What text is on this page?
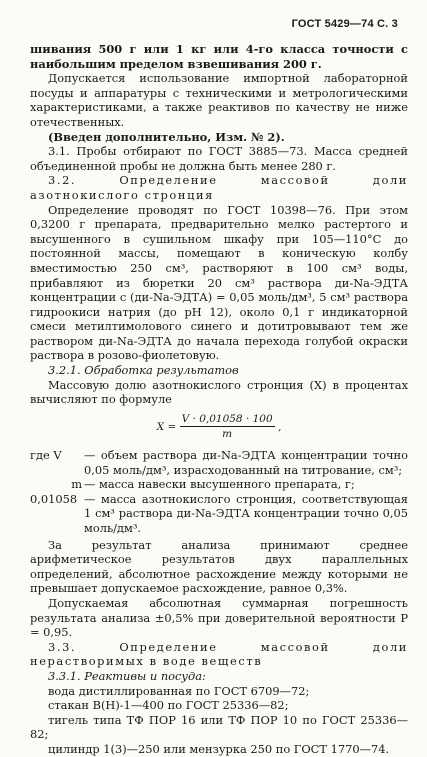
ГОСТ 5429—74 С. 3

шивания 500 г или 1 кг или 4-го класса точности с наибольшим пределом взвешивания 200 г.

Допускается использование импортной лабораторной посуды и аппаратуры с техническими и метрологическими характеристиками, а также реактивов по качеству не ниже отечественных.

(Введен дополнительно, Изм. № 2).

3.1. Пробы отбирают по ГОСТ 3885—73. Масса средней объединенной пробы не должна быть менее 280 г.

3.2. Определение массовой доли азотнокислого стронция

Определение проводят по ГОСТ 10398—76. При этом 0,3200 г препарата, предварительно мелко растертого и высушенного в сушильном шкафу при 105—110°С до постоянной массы, помещают в коническую колбу вместимостью 250 см³, растворяют в 100 см³ воды, прибавляют из бюретки 20 см³ раствора ди-Na-ЭДТА концентрации c (ди-Na-ЭДТА) = 0,05 моль/дм³, 5 см³ раствора гидроокиси натрия (до pH 12), около 0,1 г индикаторной смеси метилтимолового синего и дотитровывают тем же раствором ди-Na-ЭДТА до начала перехода голубой окраски раствора в розово-фиолетовую.

3.2.1. Обработка результатов

Массовую долю азотнокислого стронция (X) в процентах вычисляют по формуле

$X = \frac{V \cdot 0,01058 \cdot 100}{m}$ ,
где V	— объем раствора ди-Na-ЭДТА концентрации точно 0,05 моль/дм³, израсходованный на титрование, см³;
m	— масса навески высушенного препарата, г;
0,01058	— масса азотнокислого стронция, соответствующая 1 см³ раствора ди-Na-ЭДТА концентрации точно 0,05 моль/дм³.

За результат анализа принимают среднее арифметическое результатов двух параллельных определений, абсолютное расхождение между которыми не превышает допускаемое расхождение, равное 0,3%.

Допускаемая абсолютная суммарная погрешность результата анализа ±0,5% при доверительной вероятности P = 0,95.

3.3. Определение массовой доли нерастворимых в воде веществ

3.3.1. Реактивы и посуда:

вода дистиллированная по ГОСТ 6709—72;

стакан В(Н)-1—400 по ГОСТ 25336—82;

тигель типа ТФ ПОР 16 или ТФ ПОР 10 по ГОСТ 25336—82;

цилиндр 1(3)—250 или мензурка 250 по ГОСТ 1770—74.
